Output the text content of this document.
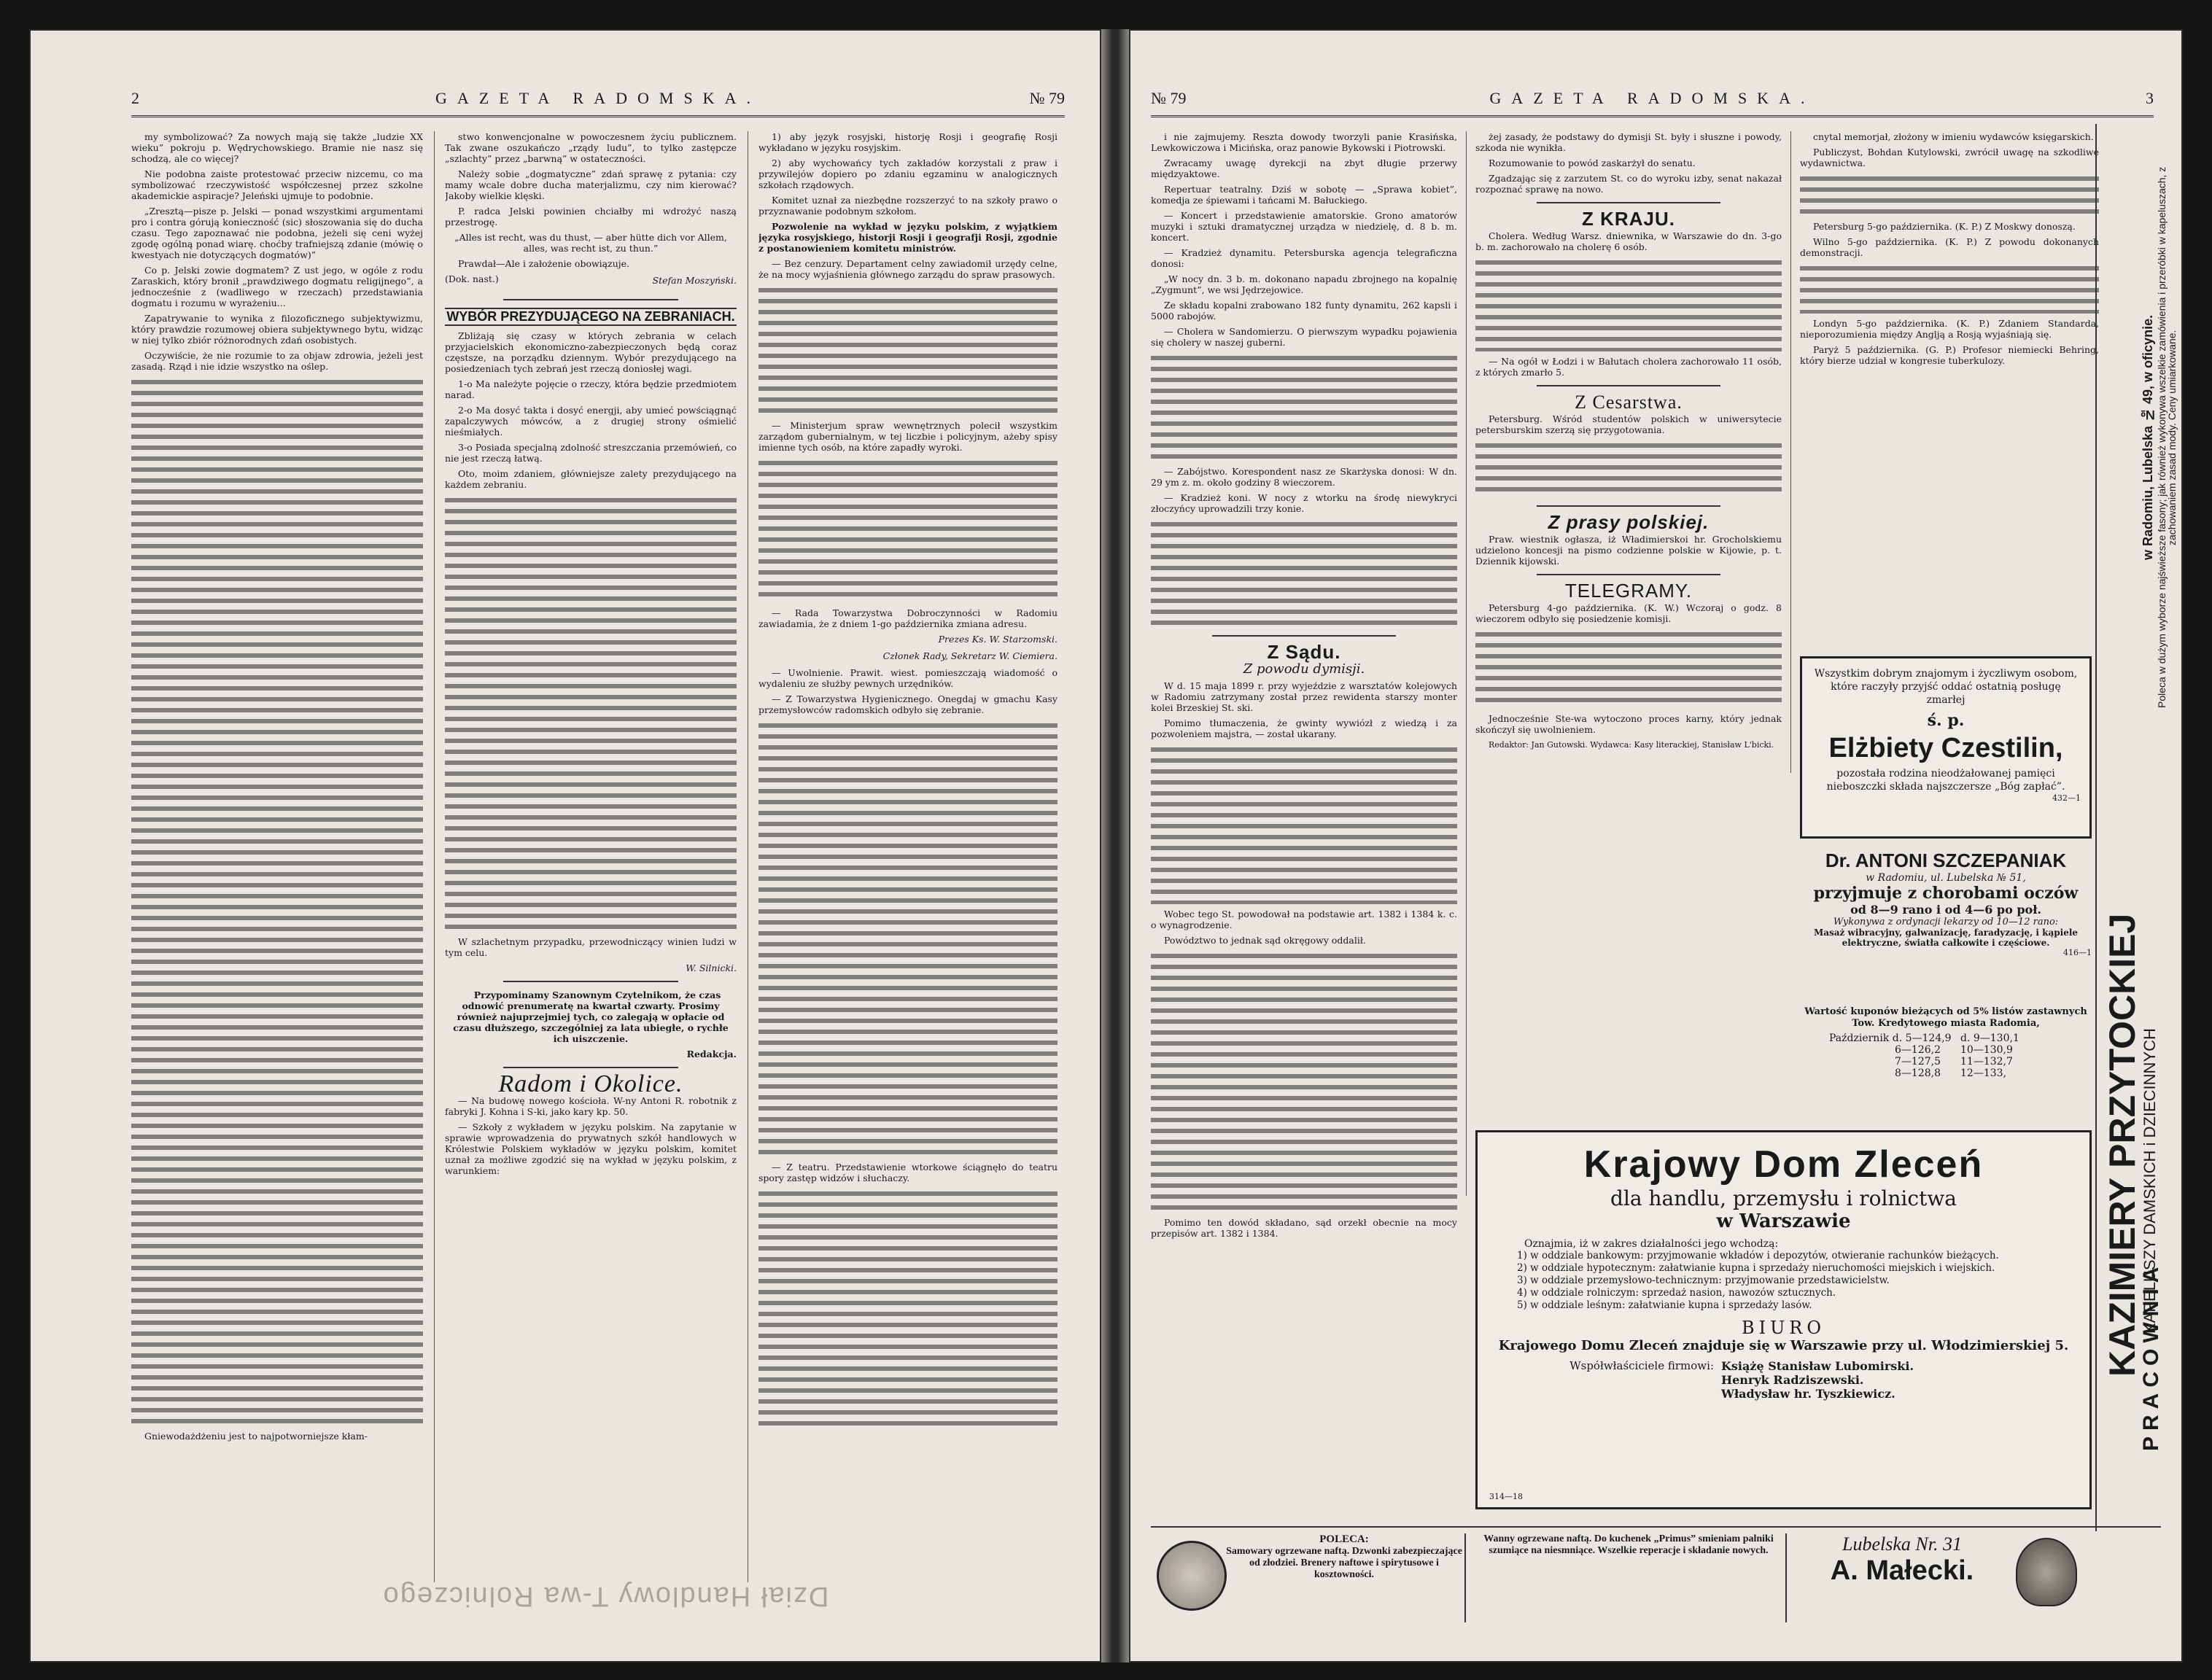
2	GAZETA RADOMSKA.	№ 79

my symbolizować? Za nowych mają się także „ludzie XX wieku” pokroju p. Wędrychowskiego. Bramie nie nasz się schodzą, ale co więcej?

Nie podobna zaiste protestować przeciw nizcemu, co ma symbolizować rzeczywistość współczesnej przez szkolne akademickie aspiracje? Jeleński ujmuje to podobnie.

„Zresztą—pisze p. Jelski — ponad wszystkimi argumentami pro i contra górują konieczność (sic) słoszowania się do ducha czasu. Tego zapoznawać nie podobna, jeżeli się ceni wyżej zgodę ogólną ponad wiarę. choćby trafniejszą zdanie (mówię o kwestyach nie dotyczących dogmatów)”

Co p. Jelski zowie dogmatem? Z ust jego, w ogóle z rodu Zaraskich, który bronił „prawdziwego dogmatu religijnego”, a jednocześnie z (wadliwego w rzeczach) przedstawiania dogmatu i rozumu w wyrażeniu...

Zapatrywanie to wynika z filozoficznego subjektywizmu, który prawdzie rozumowej obiera subjektywnego bytu, widząc w niej tylko zbiór różnorodnych zdań osobistych.

Oczywiście, że nie rozumie to za objaw zdrowia, jeżeli jest zasadą. Rząd i nie idzie wszystko na oślep.

Gniewodażdżeniu jest to najpotworniejsze kłam-

stwo konwencjonalne w powoczesnem życiu publicznem. Tak zwane oszukańczo „rządy ludu”, to tylko zastępcze „szlachty” przez „barwną” w ostateczności.

Należy sobie „dogmatyczne” zdań sprawę z pytania: czy mamy wcale dobre ducha materjalizmu, czy nim kierować? Jakoby wielkie klęski.

P. radca Jelski powinien chciałby mi wdrożyć naszą przestrogę.

„Alles ist recht, was du thust, — aber hütte dich vor Allem, alles, was recht ist, zu thun.”

Prawdał—Ale i założenie obowiązuje.

(Dok. nast.)	Stefan Moszyński.
WYBÓR PREZYDUJĄCEGO NA ZEBRANIACH.

Zbliżają się czasy w których zebrania w celach przyjacielskich ekonomiczno-zabezpieczonych będą coraz częstsze, na porządku dziennym. Wybór prezydującego na posiedzeniach tych zebrań jest rzeczą doniosłej wagi.

1-o Ma należyte pojęcie o rzeczy, która będzie przedmiotem narad.

2-o Ma dosyć takta i dosyć energji, aby umieć powściągnąć zapalczywych mówców, a z drugiej strony ośmielić nieśmiałych.

3-o Posiada specjalną zdolność streszczania przemówień, co nie jest rzeczą łatwą.

Oto, moim zdaniem, główniejsze zalety prezydującego na każdem zebraniu.

W szlachetnym przypadku, przewodniczący winien ludzi w tym celu.

W. Silnicki.

Przypominamy Szanownym Czytelnikom, że czas odnowić prenumeratę na kwartał czwarty. Prosimy również najuprzejmiej tych, co zalegają w opłacie od czasu dłuższego, szczególniej za lata ubiegłe, o rychłe ich uiszczenie.

Redakcja.
Radom i Okolice.

— Na budowę nowego kościoła. W-ny Antoni R. robotnik z fabryki J. Kohna i S-ki, jako kary kp. 50.

— Szkoły z wykładem w języku polskim. Na zapytanie w sprawie wprowadzenia do prywatnych szkół handlowych w Królestwie Polskiem wykładów w języku polskim, komitet uznał za możliwe zgodzić się na wykład w języku polskim, z warunkiem:

1) aby język rosyjski, historję Rosji i geografię Rosji wykładano w języku rosyjskim.

2) aby wychowańcy tych zakładów korzystali z praw i przywilejów dopiero po zdaniu egzaminu w analogicznych szkołach rządowych.

Komitet uznał za niezbędne rozszerzyć to na szkoły prawo o przyznawanie podobnym szkołom.

Pozwolenie na wykład w języku polskim, z wyjątkiem języka rosyjskiego, historji Rosji i geografji Rosji, zgodnie z postanowieniem komitetu ministrów.

— Bez cenzury. Departament celny zawiadomił urzędy celne, że na mocy wyjaśnienia głównego zarządu do spraw prasowych.

— Ministerjum spraw wewnętrznych polecił wszystkim zarządom gubernialnym, w tej liczbie i policyjnym, ażeby spisy imienne tych osób, na które zapadły wyroki.

— Rada Towarzystwa Dobroczynności w Radomiu zawiadamia, że z dniem 1-go października zmiana adresu.

Prezes Ks. W. Starzomski.
Członek Rady, Sekretarz W. Ciemiera.

— Uwolnienie. Prawit. wiest. pomieszczają wiadomość o wydaleniu ze służby pewnych urzędników.

— Z Towarzystwa Hygienicznego. Onegdaj w gmachu Kasy przemysłowców radomskich odbyło się zebranie.

— Z teatru. Przedstawienie wtorkowe ściągnęło do teatru spory zastęp widzów i słuchaczy.

Dział Handlowy T-wa Rolniczego
№ 79	GAZETA RADOMSKA.	3

i nie zajmujemy. Reszta dowody tworzyli panie Krasińska, Lewkowiczowa i Micińska, oraz panowie Bykowski i Piotrowski.

Zwracamy uwagę dyrekcji na zbyt długie przerwy międzyaktowe.

Repertuar teatralny. Dziś w sobotę — „Sprawa kobiet”, komedja ze śpiewami i tańcami M. Bałuckiego.

— Koncert i przedstawienie amatorskie. Grono amatorów muzyki i sztuki dramatycznej urządza w niedzielę, d. 8 b. m. koncert.

— Kradzież dynamitu. Petersburska agencja telegraficzna donosi:

„W nocy dn. 3 b. m. dokonano napadu zbrojnego na kopalnię „Zygmunt”, we wsi Jędrzejowice.

Ze składu kopalni zrabowano 182 funty dynamitu, 262 kapsli i 5000 rabojów.

— Cholera w Sandomierzu. O pierwszym wypadku pojawienia się cholery w naszej guberni.

— Zabójstwo. Korespondent nasz ze Skarżyska donosi: W dn. 29 ym z. m. około godziny 8 wieczorem.

— Kradzież koni. W nocy z wtorku na środę niewykryci złoczyńcy uprowadzili trzy konie.

Z Sądu.
Z powodu dymisji.

W d. 15 maja 1899 r. przy wyjeździe z warsztatów kolejowych w Radomiu zatrzymany został przez rewidenta starszy monter kolei Brzeskiej St. ski.

Pomimo tłumaczenia, że gwinty wywiózł z wiedzą i za pozwoleniem majstra, — został ukarany.

Wobec tego St. powodował na podstawie art. 1382 i 1384 k. c. o wynagrodzenie.

Powództwo to jednak sąd okręgowy oddalił.

Pomimo ten dowód składano, sąd orzekł obecnie na mocy przepisów art. 1382 i 1384.

żej zasady, że podstawy do dymisji St. były i słuszne i powody, szkoda nie wynikła.

Rozumowanie to powód zaskarżył do senatu.

Zgadzając się z zarzutem St. co do wyroku izby, senat nakazał rozpoznać sprawę na nowo.

Z KRAJU.

Cholera. Według Warsz. dniewnika, w Warszawie do dn. 3-go b. m. zachorowało na cholerę 6 osób.

— Na ogół w Łodzi i w Bałutach cholera zachorowało 11 osób, z których zmarło 5.

Z Cesarstwa.

Petersburg. Wśród studentów polskich w uniwersytecie petersburskim szerzą się przygotowania.

Z prasy polskiej.

Praw. wiestnik ogłasza, iż Władimierskoi hr. Grocholskiemu udzielono koncesji na pismo codzienne polskie w Kijowie, p. t. Dziennik kijowski.

TELEGRAMY.

Petersburg 4-go października. (K. W.) Wczoraj o godz. 8 wieczorem odbyło się posiedzenie komisji.

Jednocześnie Ste-wa wytoczono proces karny, który jednak skończył się uwolnieniem.

Redaktor: Jan Gutowski. Wydawca: Kasy literackiej, Stanisław L'bicki.

cnytal memorjał, złożony w imieniu wydawców księgarskich.

Publiczyst, Bohdan Kutylowski, zwrócił uwagę na szkodliwe wydawnictwa.

Petersburg 5-go października. (K. P.) Z Moskwy donoszą.

Wilno 5-go października. (K. P.) Z powodu dokonanych demonstracji.

Londyn 5-go października. (K. P.) Zdaniem Standarda, nieporozumienia między Anglją a Rosją wyjaśniają się.

Paryż 5 października. (G. P.) Profesor niemiecki Behring, który bierze udział w kongresie tuberkulozy.

Wszystkim dobrym znajomym i życzliwym osobom, które raczyły przyjść oddać ostatnią posługę zmarłej
ś. p.
Elżbiety Czestilin,
pozostała rodzina nieodżałowanej pamięci nieboszczki składa najszczersze „Bóg zapłać”.
432—1
Dr. ANTONI SZCZEPANIAK
w Radomiu, ul. Lubelska № 51,
przyjmuje z chorobami oczów
od 8—9 rano i od 4—6 po poł.
Wykonywa z ordynacji lekarzy od 10—12 rano:
Masaż wibracyjny, galwanizację, faradyzację, i kąpiele elektryczne, światła całkowite i częściowe.
416—1
Wartość kuponów bieżących od 5% listów zastawnych Tow. Kredytowego miasta Radomia,
Październik d. 5—124,9 d. 9—130,1
6—126,2	10—130,9
7—127,5	11—132,7
8—128,8	12—133,
Krajowy Dom Zleceń
dla handlu, przemysłu i rolnictwa
w Warszawie
Oznajmia, iż w zakres działalności jego wchodzą:
1) w oddziale bankowym: przyjmowanie wkładów i depozytów, otwieranie rachunków bieżących.
2) w oddziale hypotecznym: załatwianie kupna i sprzedaży nieruchomości miejskich i wiejskich.
3) w oddziale przemysłowo-technicznym: przyjmowanie przedstawicielstw.
4) w oddziale rolniczym: sprzedaż nasion, nawozów sztucznych.
5) w oddziale leśnym: załatwianie kupna i sprzedaży lasów.
BIURO
Krajowego Domu Zleceń znajduje się w Warszawie przy ul. Włodzimierskiej 5.
Współwłaściciele firmowi: Książę Stanisław Lubomirski.
Henryk Radziszewski.
Władysław hr. Tyszkiewicz.
314—18
KAZIMIERY PRZYTOCKIEJ
PRACOWNIA
KAPELUSZY DAMSKICH i DZIECINNYCH
w Radomiu, Lubelska № 49, w oficynie. Poleca w dużym wyborze najświeższe fasony; jak również wykonywa wszelkie zamówienia i przeróbki w kapeluszach, z zachowaniem zasad mody. Ceny umiarkowane.
POLECA:
Samowary ogrzewane naftą. Dzwonki zabezpieczające od złodziei. Brenery naftowe i spirytusowe i kosztowności.
Wanny ogrzewane naftą. Do kuchenek „Primus” smieniam palniki szumiące na niesmniące. Wszelkie reperacje i składanie nowych.	Lubelska Nr. 31
A. Małecki.
